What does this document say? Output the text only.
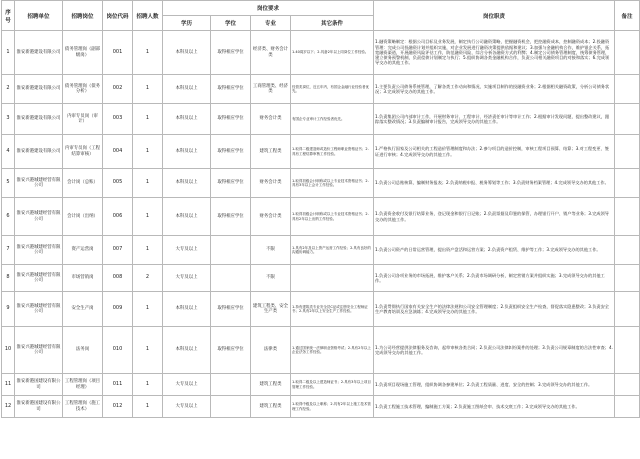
序号	招聘单位	招聘岗位	岗位代码	招聘人数	岗位要求				岗位职责	备注
					学历	学位	专业	其它条件		
1	淮安新港建设有限公司	债务管理岗（副部级岗）	001	1	本科及以上	取得相应学位	经济类、财务会计类	1.40周岁以下；2.具备2年以上同岗位工作经验。	1.融资策略制定：根据公司目标及业务发展，制定执行公司融资策略，把握融资机会，把控融资成本，控制融资成本；2.投融资管理：完成公司投融资计划并组织实施，对企业发展进行融资决策提供依据和建议；3.加强与金融机构合作，维护银企关系，拓宽融资渠道，开展融资风险评估工作，防范融资风险，综合分析各融资方式的利弊；4.制定公司债务管理制度，统筹债务管理，建立债务预警机制，负责偿债计划制定与执行；5.组织协调各类金融机构合作，负责公司相关融资项目的对接和落实；6.完成领导交办的其他工作。	
2	淮安新港建设有限公司	债务管理岗（债务分析）	002	1	本科及以上	取得相应学位	工商管理类、经济类	经管类岗位，近五年内，有国企金融行业经验者优先。	1.主要负责公司债务系统管理，了解各类工作动向和情况，实施项目制作的投融资业务；2.根据相关融资政策，分析公司债务状况；3.完成领导交办的其他工作。	
3	淮安新港建设有限公司	内审专员岗（审计）	003	1	本科及以上	取得相应学位	财务会计类	有国企专业审计工作经验者优先。	1.负责集团公司内部审计工作，开展财务审计、工程审计、经济责任审计等审计工作；2.根据审计发现问题，提出整改建议，跟踪落实整改情况；3.负责编制审计报告，完成领导交办的其他工作。	
4	淮安新港建设有限公司	内审专员岗（工程结算审核）	004	1	本科及以上	取得相应学位	建筑工程类	1.取得二级建造师或造价工程师职业资格证书；2.具有工程结算审核工作经验。	1.严格执行国家及公司相关的工程造价管理制度和办法；2.参与项目的造价控制，审核工程项目预算、结算；3.对工程变更、签证进行审核；4.完成领导交办的其他工作。	
5	淮安兴港城建经营有限公司	会计岗（总账）	005	1	本科及以上	取得相应学位	财务会计类	1.取得初级会计职称或以上专业技术资格证书；2.具有3年以上会计工作经验。	1.负责公司总账核算，编制财务报表；2.负责纳税申报、税务筹划等工作；3.负责财务档案管理；4.完成领导交办的其他工作。	
6	淮安兴港城建经营有限公司	会计岗（出纳）	006	1	本科及以上	取得相应学位	财务会计类	1.取得初级会计职称或以上专业技术资格证书；2.具有2年以上出纳工作经验。	1.负责资金收付及银行结算业务，登记现金和银行日记账；2.负责票据及印鉴的保管，办理银行开户、销户等业务；3.完成领导交办的其他工作。	
7	淮安兴港城建经营有限公司	资产运营岗	007	1	大专及以上		不限	1.具有2年及以上资产运营工作经验；2.具有良好的沟通协调能力。	1.负责公司资产的日常运营管理，提出资产盘活和运营方案；2.负责资产租赁、维护等工作；3.完成领导交办的其他工作。	
8	淮安兴港城建经营有限公司	市场营销岗	008	2	大专及以上		不限		1.负责公司各项业务的市场拓展，维护客户关系；2.负责市场调研分析，制定营销方案并组织实施；3.完成领导交办的其他工作。	
9	淮安兴港城建经营有限公司	安全生产岗	009	1	本科及以上	取得相应学位	建筑工程类、安全生产类	1.持有建筑类专业安全员C证或注册安全工程师证书；2.具有2年以上安全生产工作经验。	1.负责贯彻执行国家有关安全生产的法律法规和公司安全管理制度；2.负责组织安全生产检查，督促落实隐患整改；3.负责安全生产教育培训及应急演练；4.完成领导交办的其他工作。	
10	淮安兴港城建经营有限公司	法务岗	010	1	本科及以上	取得相应学位	法律类	1.通过国家统一法律职业资格考试；2.具有2年以上企业法务工作经验。	1.为公司经营提供法律服务及咨询，起草审核各类合同；2.负责公司法律纠纷案件的处理；3.负责公司规章制度的合法性审查；4.完成领导交办的其他工作。	
11	淮安新港国建设有限公司	工程管理岗（项目经理）	011	1	大专及以上		建筑工程类	1.取得二级及以上建造师证书；2.具有3年以上项目管理工作经验。	1.负责项目现场施工管理，组织协调各参建单位；2.负责工程质量、进度、安全的控制；3.完成领导交办的其他工作。	
12	淮安新港国建设有限公司	工程管理岗（施工技术）	012	1	大专及以上		建筑工程类	1.取得中级及以上职称；2.具有2年以上施工技术管理工作经验。	1.负责工程施工技术管理，编制施工方案；2.负责施工图纸会审、技术交底工作；3.完成领导交办的其他工作。	
